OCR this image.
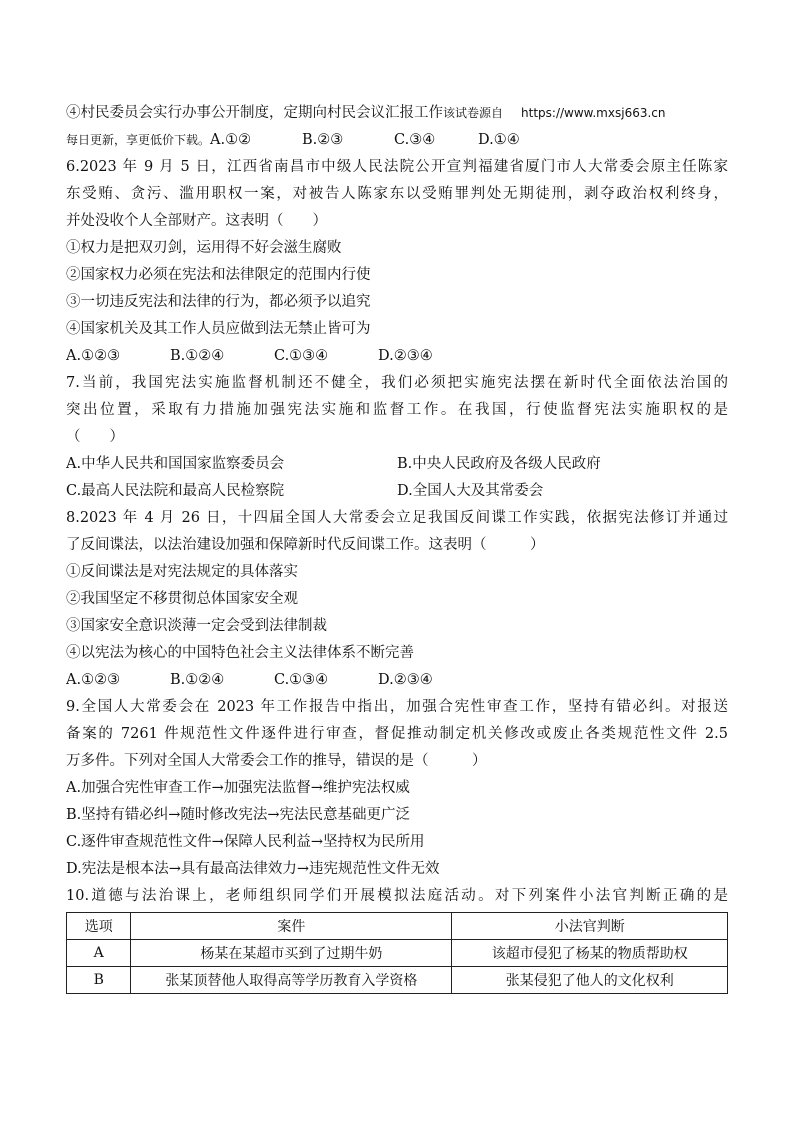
④村民委员会实行办事公开制度，定期向村民会议汇报工作该试卷源自 https://www.mxsj663.cn
每日更新，享更低价下载。A.①②	B.②③	C.③④	D.①④
6.2023 年 9 月 5 日，江西省南昌市中级人民法院公开宣判福建省厦门市人大常委会原主任陈家
东受贿、贪污、滥用职权一案，对被告人陈家东以受贿罪判处无期徒刑，剥夺政治权利终身，
并处没收个人全部财产。这表明（　　）
①权力是把双刃剑，运用得不好会滋生腐败
②国家权力必须在宪法和法律限定的范围内行使
③一切违反宪法和法律的行为，都必须予以追究
④国家机关及其工作人员应做到法无禁止皆可为
A.①②③	B.①②④	C.①③④	D.②③④
7.当前，我国宪法实施监督机制还不健全，我们必须把实施宪法摆在新时代全面依法治国的
突出位置，采取有力措施加强宪法实施和监督工作。在我国，行使监督宪法实施职权的是
（　　）
A.中华人民共和国国家监察委员会	B.中央人民政府及各级人民政府
C.最高人民法院和最高人民检察院	D.全国人大及其常委会
8.2023 年 4 月 26 日，十四届全国人大常委会立足我国反间谍工作实践，依据宪法修订并通过
了反间谍法，以法治建设加强和保障新时代反间谍工作。这表明（　　　）
①反间谍法是对宪法规定的具体落实
②我国坚定不移贯彻总体国家安全观
③国家安全意识淡薄一定会受到法律制裁
④以宪法为核心的中国特色社会主义法律体系不断完善
A.①②③	B.①②④	C.①③④	D.②③④
9.全国人大常委会在 2023 年工作报告中指出，加强合宪性审查工作，坚持有错必纠。对报送
备案的 7261 件规范性文件逐件进行审查，督促推动制定机关修改或废止各类规范性文件 2.5
万多件。下列对全国人大常委会工作的推导，错误的是（　　　）
A.加强合宪性审查工作→加强宪法监督→维护宪法权威
B.坚持有错必纠→随时修改宪法→宪法民意基础更广泛
C.逐件审查规范性文件→保障人民利益→坚持权为民所用
D.宪法是根本法→具有最高法律效力→违宪规范性文件无效
10.道德与法治课上，老师组织同学们开展模拟法庭活动。对下列案件小法官判断正确的是
选项	案件	小法官判断
A	杨某在某超市买到了过期牛奶	该超市侵犯了杨某的物质帮助权
B	张某顶替他人取得高等学历教育入学资格	张某侵犯了他人的文化权利
